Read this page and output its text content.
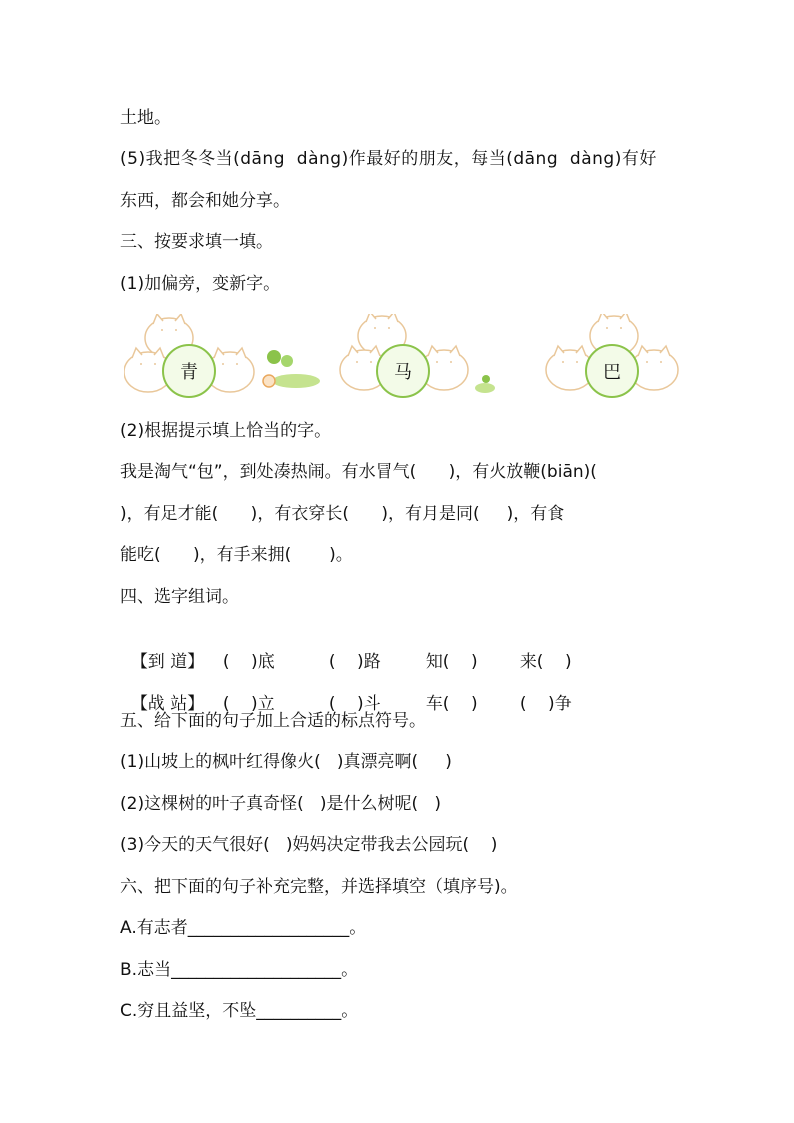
土地。
(5)我把冬冬当(dāng  dàng)作最好的朋友，每当(dāng  dàng)有好
东西，都会和她分享。
三、按要求填一填。
(1)加偏旁，变新字。
青	马	巴
(2)根据提示填上恰当的字。
我是淘气“包”，到处凑热闹。有水冒气(      )，有火放鞭(biān)(
)，有足才能(      )，有衣穿长(      )，有月是同(     )，有食
能吃(      )，有手来拥(       )。
四、选字组词。

【到 道】 (    )底	(    )路	知(    ) 来(    )

【战 站】 (    )立	(    )斗	车(    ) (    )争

五、给下面的句子加上合适的标点符号。
(1)山坡上的枫叶红得像火(   )真漂亮啊(     )
(2)这棵树的叶子真奇怪(   )是什么树呢(   )
(3)今天的天气很好(   )妈妈决定带我去公园玩(    )
六、把下面的句子补充完整，并选择填空（填序号)。
A.有志者___________________。
B.志当____________________。
C.穷且益坚，不坠__________。
